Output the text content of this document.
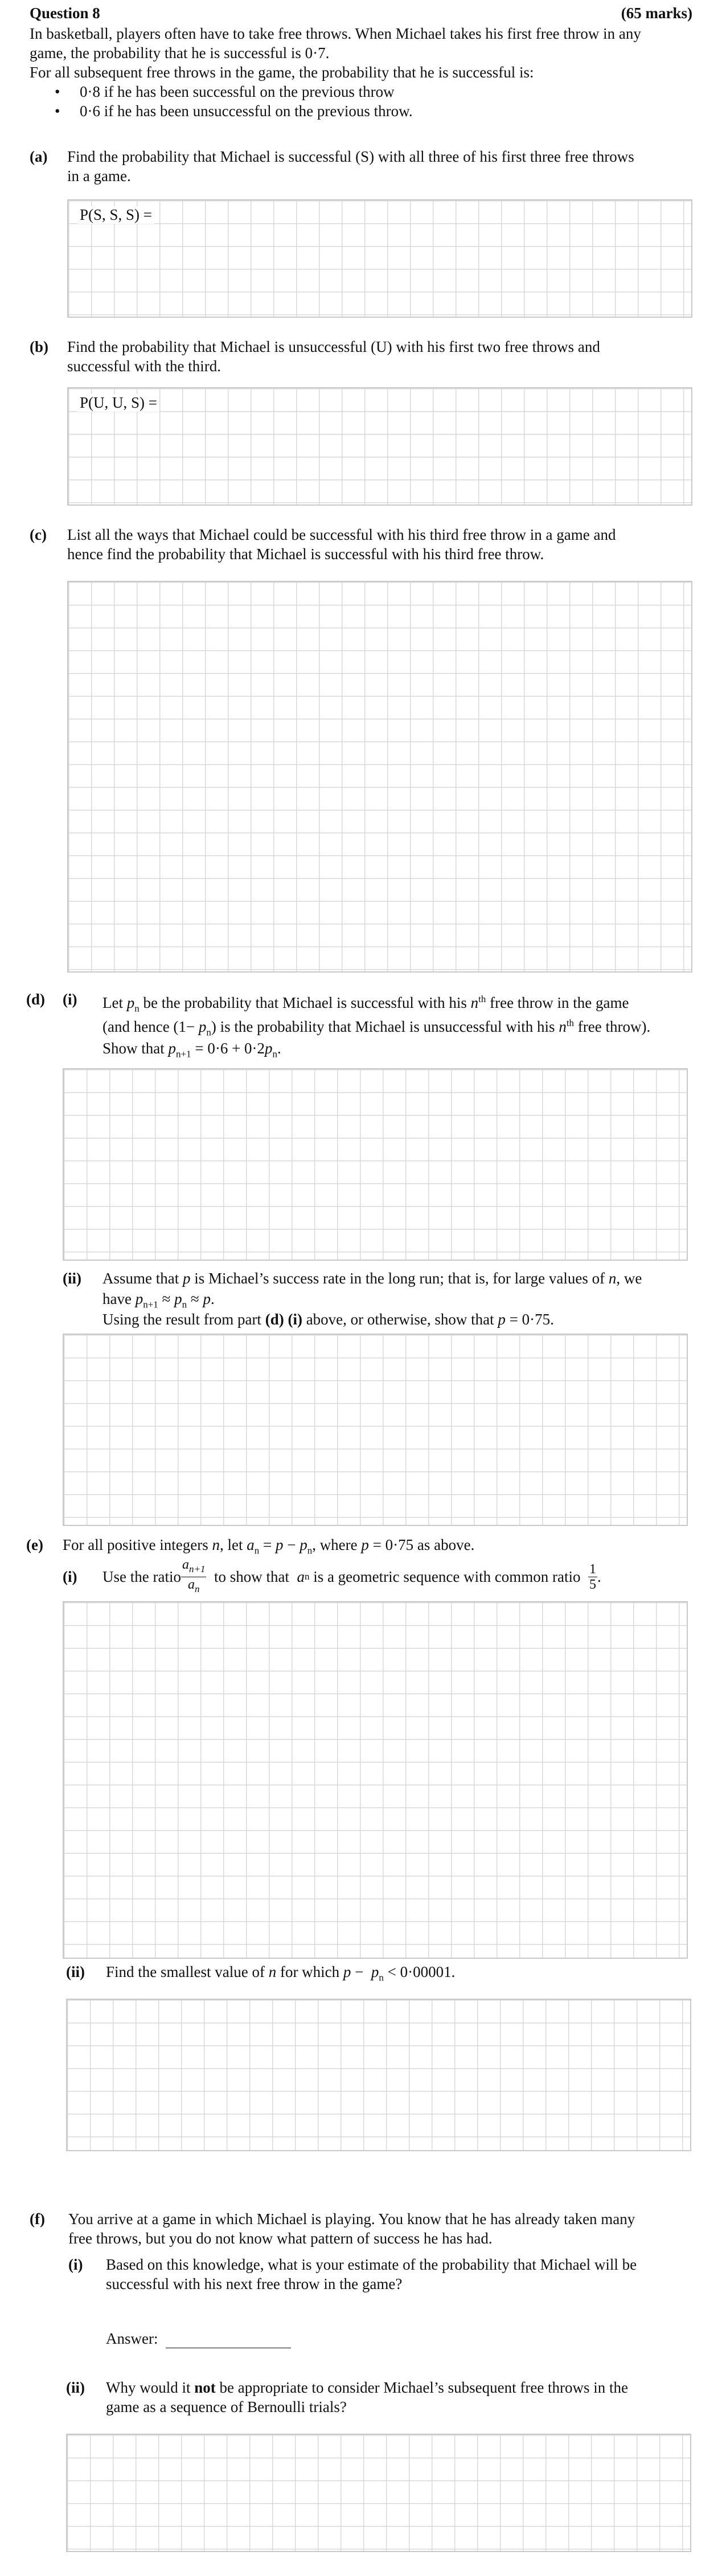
Question 8	(65 marks)
In basketball, players often have to take free throws. When Michael takes his first free throw in any
game, the probability that he is successful is 0·7.
For all subsequent free throws in the game, the probability that he is successful is:
• 0·8 if he has been successful on the previous throw
• 0·6 if he has been unsuccessful on the previous throw.
(a) Find the probability that Michael is successful (S) with all three of his first three free throws
in a game.
P(S, S, S) =
(b) Find the probability that Michael is unsuccessful (U) with his first two free throws and
successful with the third.
P(U, U, S) =
(c) List all the ways that Michael could be successful with his third free throw in a game and
hence find the probability that Michael is successful with his third free throw.
(d) (i) Let $p_n$ be the probability that Michael is successful with his $n^{th}$ free throw in the game
(and hence $(1- p_n)$ is the probability that Michael is unsuccessful with his $n^{th}$ free throw).
Show that $p_{n+1} = 0\cdot 6 + 0\cdot 2p_n$.
(ii) Assume that p is Michael’s success rate in the long run; that is, for large values of n, we
have $p_{n+1} \approx p_n \approx p$.
Using the result from part (d) (i) above, or otherwise, show that p = 0·75.
(e) For all positive integers n, let $a_n = p - p_n$, where p = 0·75 as above.
(i) Use the ratio $\frac{a_{n+1}}{a_n}$ to show that a n is a geometric sequence with common ratio $\frac{1}{5}$ .
(ii) Find the smallest value of n for which $p - p_n < 0\cdot 00001$.
(f) You arrive at a game in which Michael is playing. You know that he has already taken many
free throws, but you do not know what pattern of success he has had.
(i) Based on this knowledge, what is your estimate of the probability that Michael will be
successful with his next free throw in the game?
Answer:
(ii) Why would it not be appropriate to consider Michael’s subsequent free throws in the
game as a sequence of Bernoulli trials?
